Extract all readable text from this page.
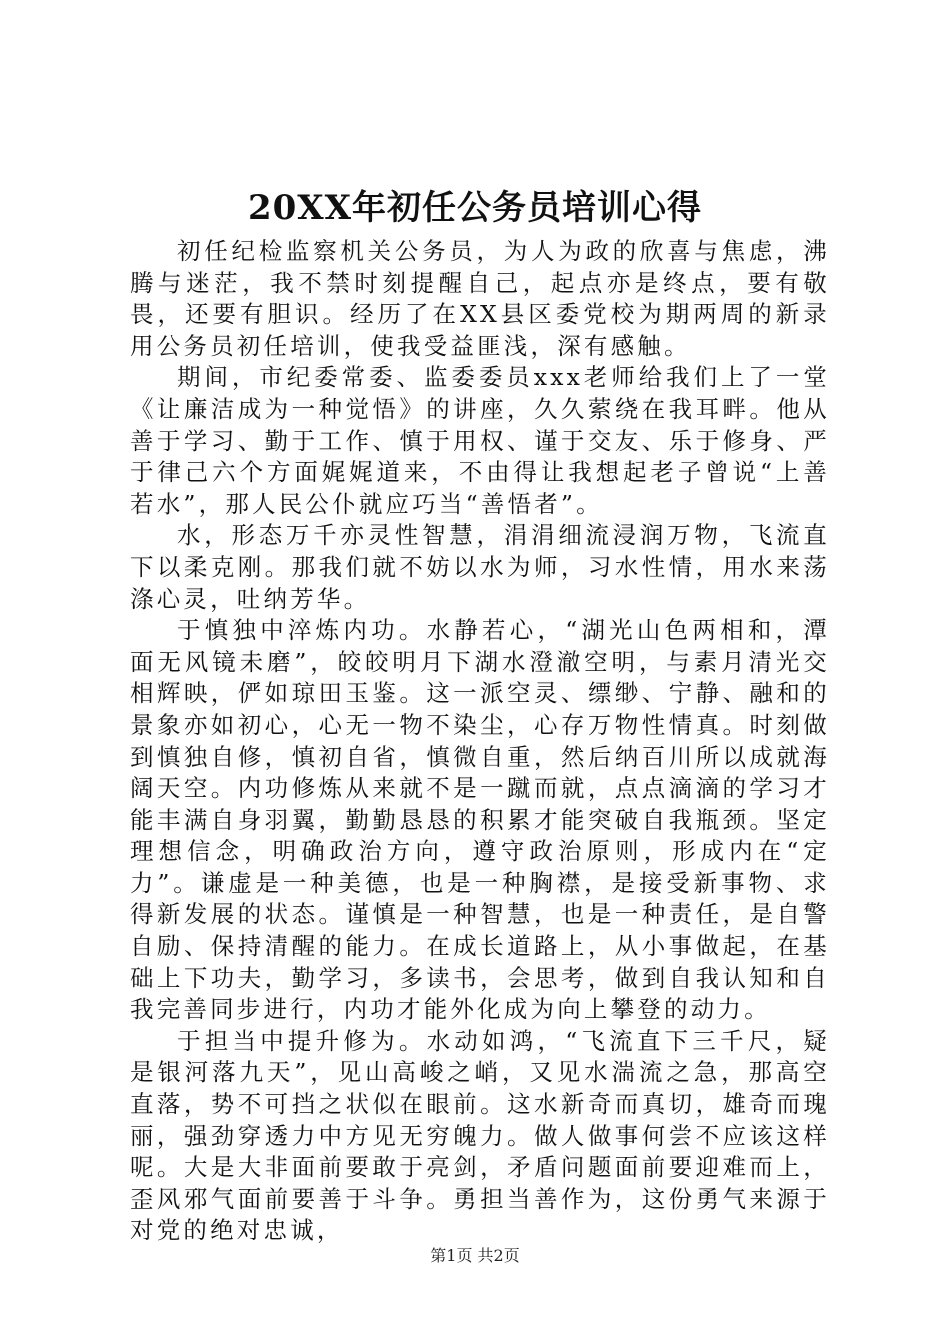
20XX年初任公务员培训心得

初任纪检监察机关公务员，为人为政的欣喜与焦虑，沸腾与迷茫，我不禁时刻提醒自己，起点亦是终点，要有敬畏，还要有胆识。经历了在XX县区委党校为期两周的新录用公务员初任培训，使我受益匪浅，深有感触。

期间，市纪委常委、监委委员xxx老师给我们上了一堂《让廉洁成为一种觉悟》的讲座，久久萦绕在我耳畔。他从善于学习、勤于工作、慎于用权、谨于交友、乐于修身、严于律己六个方面娓娓道来，不由得让我想起老子曾说“上善若水”，那人民公仆就应巧当“善悟者”。

水，形态万千亦灵性智慧，涓涓细流浸润万物，飞流直下以柔克刚。那我们就不妨以水为师，习水性情，用水来荡涤心灵，吐纳芳华。

于慎独中淬炼内功。水静若心，“湖光山色两相和，潭面无风镜未磨”，皎皎明月下湖水澄澈空明，与素月清光交相辉映，俨如琼田玉鉴。这一派空灵、缥缈、宁静、融和的景象亦如初心，心无一物不染尘，心存万物性情真。时刻做到慎独自修，慎初自省，慎微自重，然后纳百川所以成就海阔天空。内功修炼从来就不是一蹴而就，点点滴滴的学习才能丰满自身羽翼，勤勤恳恳的积累才能突破自我瓶颈。坚定理想信念，明确政治方向，遵守政治原则，形成内在“定力”。谦虚是一种美德，也是一种胸襟，是接受新事物、求得新发展的状态。谨慎是一种智慧，也是一种责任，是自警自励、保持清醒的能力。在成长道路上，从小事做起，在基础上下功夫，勤学习，多读书，会思考，做到自我认知和自我完善同步进行，内功才能外化成为向上攀登的动力。

于担当中提升修为。水动如鸿，“飞流直下三千尺，疑是银河落九天”，见山高峻之峭，又见水湍流之急，那高空直落，势不可挡之状似在眼前。这水新奇而真切，雄奇而瑰丽，强劲穿透力中方见无穷魄力。做人做事何尝不应该这样呢。大是大非面前要敢于亮剑，矛盾问题面前要迎难而上，歪风邪气面前要善于斗争。勇担当善作为，这份勇气来源于对党的绝对忠诚，

第1页 共2页
